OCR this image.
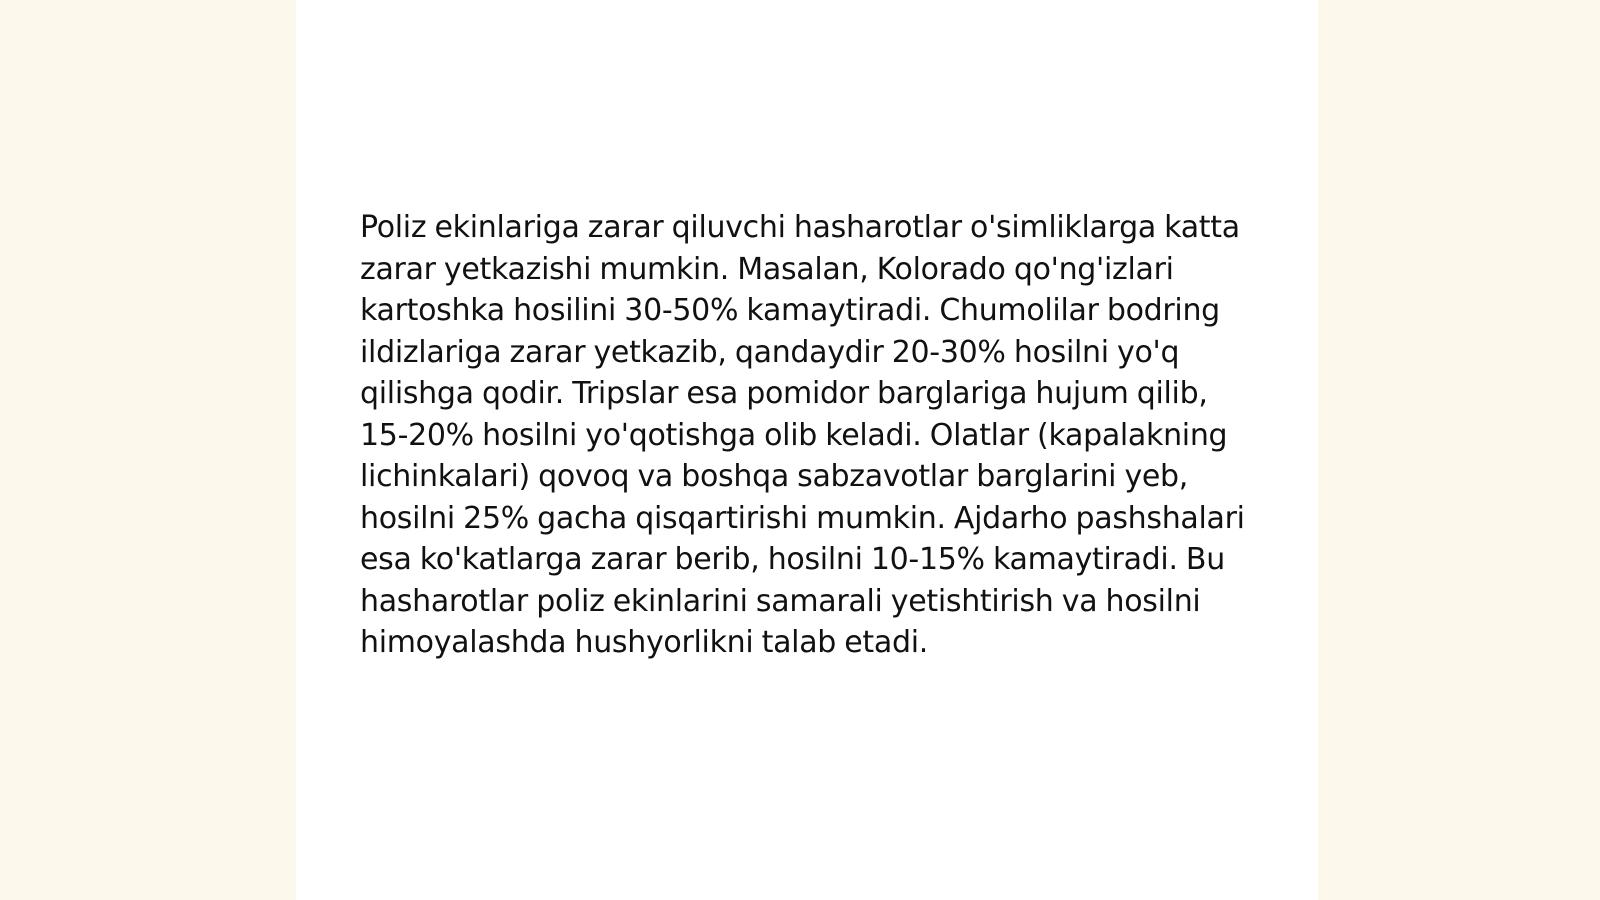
Poliz ekinlariga zarar qiluvchi hasharotlar o'simliklarga katta zarar yetkazishi mumkin. Masalan, Kolorado qo'ng'izlari kartoshka hosilini 30-50% kamaytiradi. Chumolilar bodring ildizlariga zarar yetkazib, qandaydir 20-30% hosilni yo'q qilishga qodir. Tripslar esa pomidor barglariga hujum qilib, 15-20% hosilni yo'qotishga olib keladi. Olatlar (kapalakning lichinkalari) qovoq va boshqa sabzavotlar barglarini yeb, hosilni 25% gacha qisqartirishi mumkin. Ajdarho pashshalari esa ko'katlarga zarar berib, hosilni 10-15% kamaytiradi. Bu hasharotlar poliz ekinlarini samarali yetishtirish va hosilni himoyalashda hushyorlikni talab etadi.
